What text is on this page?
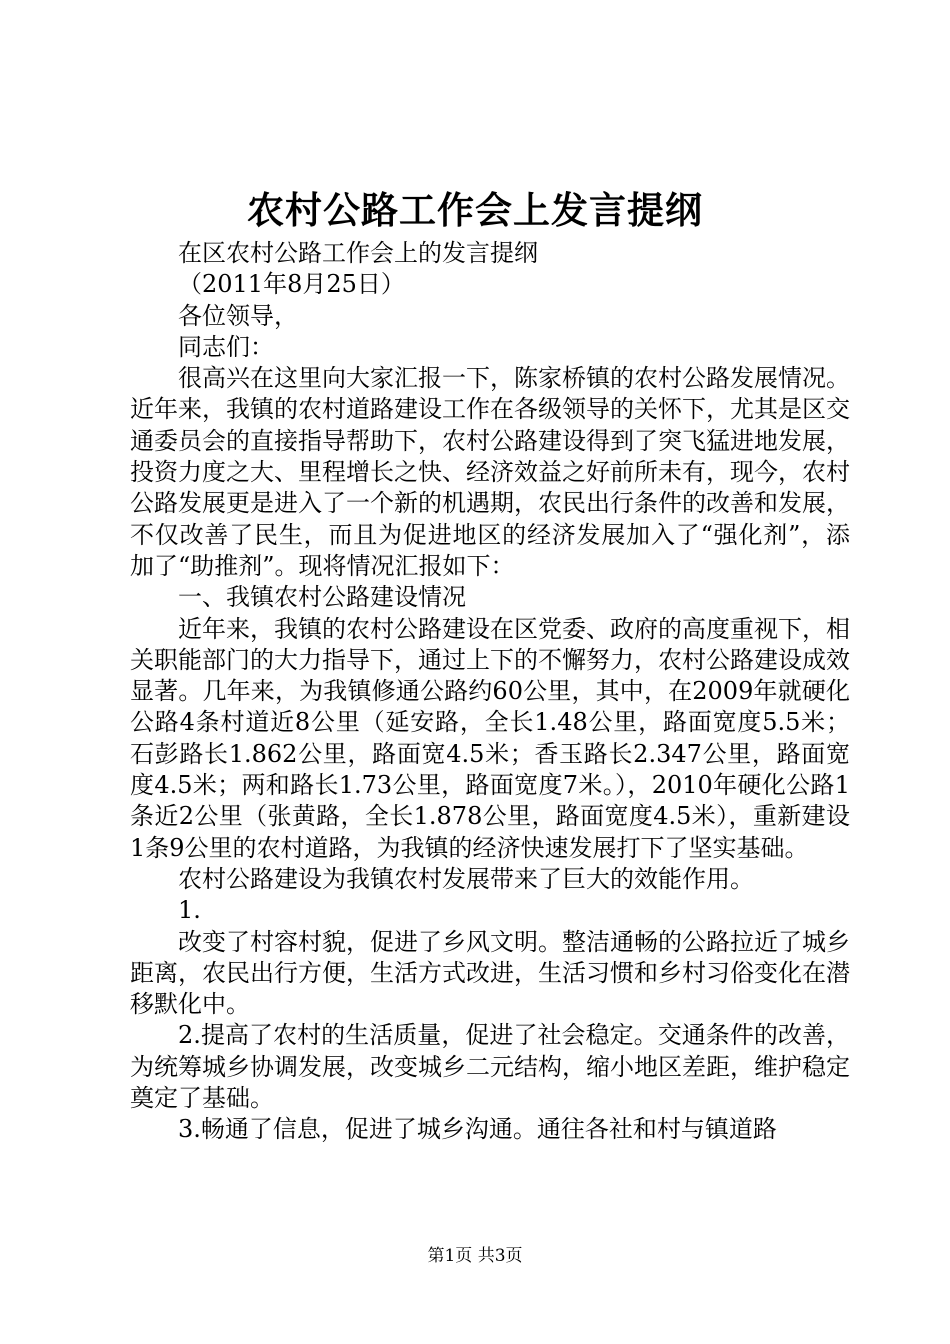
农村公路工作会上发言提纲

在区农村公路工作会上的发言提纲

（2011年8月25日）

各位领导，

同志们：

很高兴在这里向大家汇报一下，陈家桥镇的农村公路发展情况。近年来，我镇的农村道路建设工作在各级领导的关怀下，尤其是区交通委员会的直接指导帮助下，农村公路建设得到了突飞猛进地发展，投资力度之大、里程增长之快、经济效益之好前所未有，现今，农村公路发展更是进入了一个新的机遇期，农民出行条件的改善和发展，不仅改善了民生，而且为促进地区的经济发展加入了“强化剂”，添加了“助推剂”。现将情况汇报如下：

一、我镇农村公路建设情况

近年来，我镇的农村公路建设在区党委、政府的高度重视下，相关职能部门的大力指导下，通过上下的不懈努力，农村公路建设成效显著。几年来，为我镇修通公路约60公里，其中，在2009年就硬化公路4条村道近8公里（延安路，全长1.48公里，路面宽度5.5米；石彭路长1.862公里，路面宽4.5米；香玉路长2.347公里，路面宽度4.5米；两和路长1.73公里，路面宽度7米。），2010年硬化公路1条近2公里（张黄路，全长1.878公里，路面宽度4.5米），重新建设1条9公里的农村道路，为我镇的经济快速发展打下了坚实基础。

农村公路建设为我镇农村发展带来了巨大的效能作用。

1.

改变了村容村貌，促进了乡风文明。整洁通畅的公路拉近了城乡距离，农民出行方便，生活方式改进，生活习惯和乡村习俗变化在潜移默化中。

2.提高了农村的生活质量，促进了社会稳定。交通条件的改善，为统筹城乡协调发展，改变城乡二元结构，缩小地区差距，维护稳定奠定了基础。

3.畅通了信息，促进了城乡沟通。通往各社和村与镇道路

第1页 共3页
